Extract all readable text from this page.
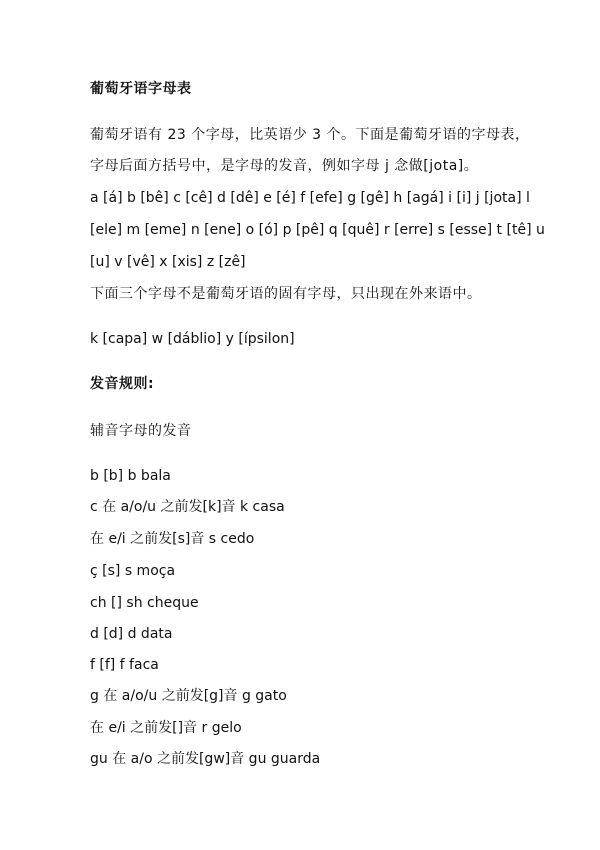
葡萄牙语字母表
葡萄牙语有 23 个字母，比英语少 3 个。下面是葡萄牙语的字母表，
字母后面方括号中，是字母的发音，例如字母 j 念做[jota]。
a [á] b [bê] c [cê] d [dê] e [é] f [efe] g [gê] h [agá] i [i] j [jota] l
[ele] m [eme] n [ene] o [ó] p [pê] q [quê] r [erre] s [esse] t [tê] u
[u] v [vê] x [xis] z [zê]
下面三个字母不是葡萄牙语的固有字母，只出现在外来语中。
k [capa] w [dáblio] y [ípsilon]
发音规则:
辅音字母的发音
b [b] b bala
c 在 a/o/u 之前发[k]音 k casa
在 e/i 之前发[s]音 s cedo
ç [s] s moça
ch [] sh cheque
d [d] d data
f [f] f faca
g 在 a/o/u 之前发[g]音 g gato
在 e/i 之前发[]音 r gelo
gu 在 a/o 之前发[gw]音 gu guarda
